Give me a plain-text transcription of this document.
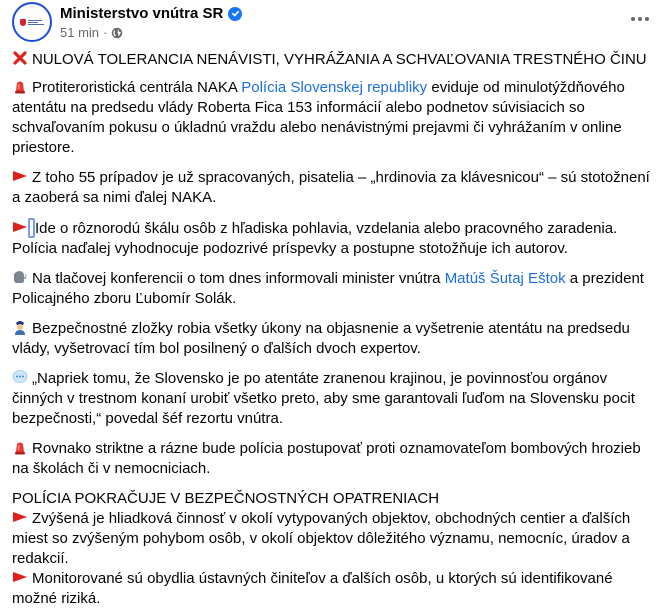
Ministerstvo vnútra SR
51 min ·
NULOVÁ TOLERANCIA NENÁVISTI, VYHRÁŽANIA A SCHVAĽOVANIA TRESTNÉHO ČINU
Protiteroristická centrála NAKA Polícia Slovenskej republiky eviduje od minulotýždňového atentátu na predsedu vlády Roberta Fica 153 informácií alebo podnetov súvisiacich so schvaľovaním pokusu o úkladnú vraždu alebo nenávistnými prejavmi či vyhrážaním v online priestore.
Z toho 55 prípadov je už spracovaných, pisatelia – „hrdinovia za klávesnicou“ – sú stotožnení a zaoberá sa nimi ďalej NAKA.
Ide o rôznorodú škálu osôb z hľadiska pohlavia, vzdelania alebo pracovného zaradenia. Polícia naďalej vyhodnocuje podozrivé príspevky a postupne stotožňuje ich autorov.
Na tlačovej konferencii o tom dnes informovali minister vnútra Matúš Šutaj Eštok a prezident Policajného zboru Ľubomír Solák.
Bezpečnostné zložky robia všetky úkony na objasnenie a vyšetrenie atentátu na predsedu vlády, vyšetrovací tím bol posilnený o ďalších dvoch expertov.
„Napriek tomu, že Slovensko je po atentáte zranenou krajinou, je povinnosťou orgánov činných v trestnom konaní urobiť všetko preto, aby sme garantovali ľuďom na Slovensku pocit bezpečnosti,“ povedal šéf rezortu vnútra.
Rovnako striktne a rázne bude polícia postupovať proti oznamovateľom bombových hrozieb na školách či v nemocniciach.
POLÍCIA POKRAČUJE V BEZPEČNOSTNÝCH OPATRENIACH
Zvýšená je hliadková činnosť v okolí vytypovaných objektov, obchodných centier a ďalších miest so zvýšeným pohybom osôb, v okolí objektov dôležitého významu, nemocníc, úradov a redakcií.
Monitorované sú obydlia ústavných činiteľov a ďalších osôb, u ktorých sú identifikované možné riziká.
